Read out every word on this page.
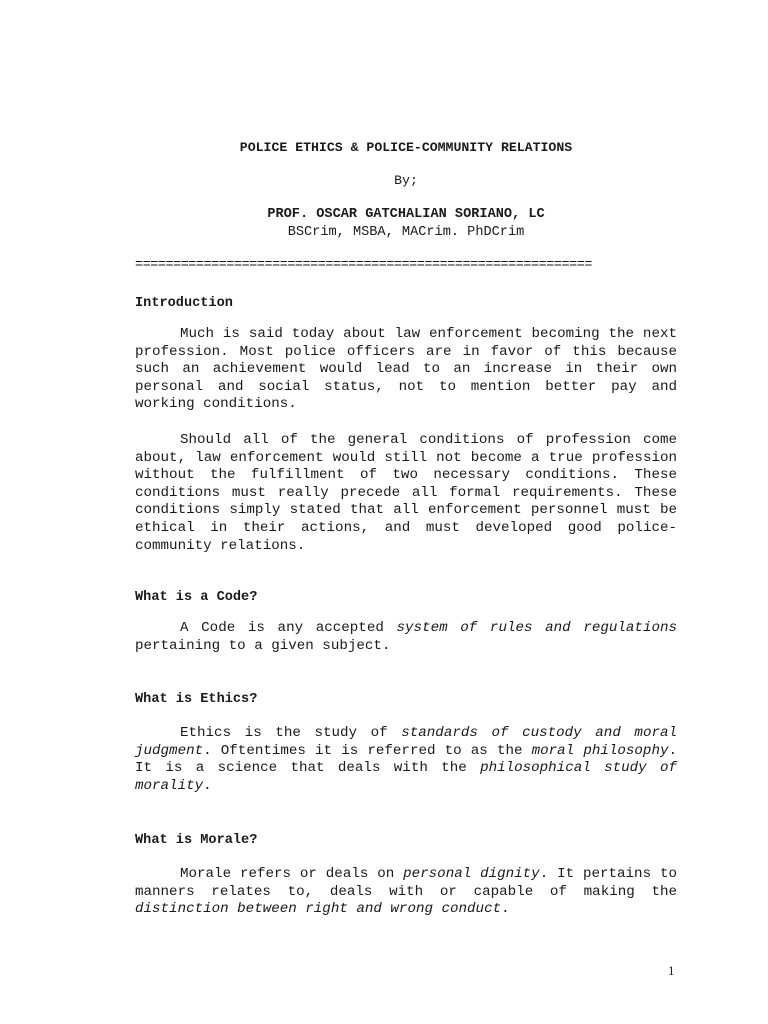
POLICE ETHICS & POLICE-COMMUNITY RELATIONS
By;
PROF. OSCAR GATCHALIAN SORIANO, LC
BSCrim, MSBA, MACrim. PhDCrim
============================================================
Introduction
Much is said today about law enforcement becoming the next profession. Most police officers are in favor of this because such an achievement would lead to an increase in their own personal and social status, not to mention better pay and working conditions.
Should all of the general conditions of profession come about, law enforcement would still not become a true profession without the fulfillment of two necessary conditions. These conditions must really precede all formal requirements. These conditions simply stated that all enforcement personnel must be ethical in their actions, and must developed good police-community relations.
What is a Code?
A Code is any accepted system of rules and regulations pertaining to a given subject.
What is Ethics?
Ethics is the study of standards of custody and moral judgment. Oftentimes it is referred to as the moral philosophy. It is a science that deals with the philosophical study of morality.
What is Morale?
Morale refers or deals on personal dignity. It pertains to manners relates to, deals with or capable of making the distinction between right and wrong conduct.
1
